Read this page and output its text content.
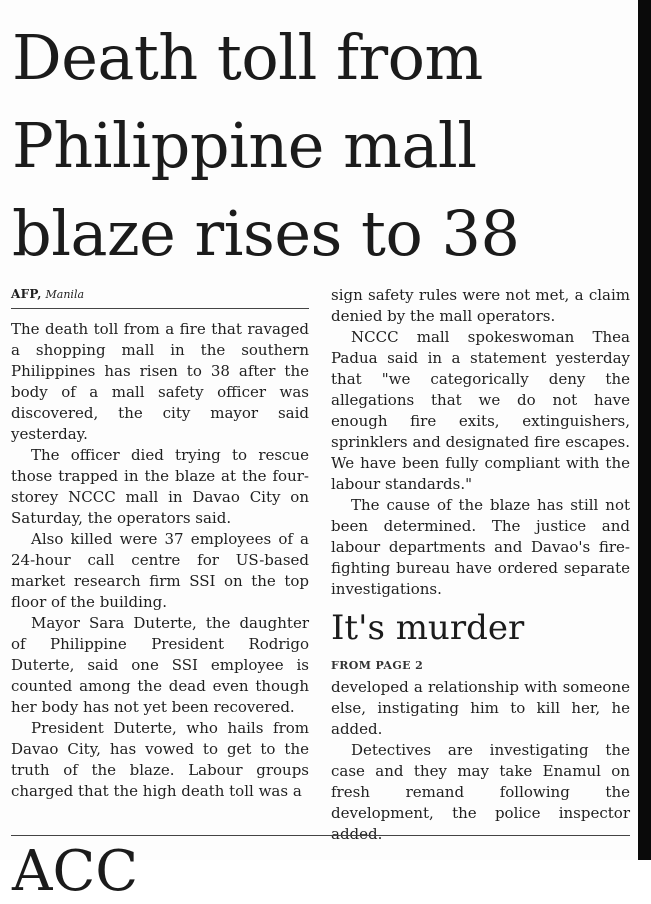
Death toll from Philippine mall blaze rises to 38
AFP, Manila

The death toll from a fire that ravaged a shopping mall in the southern Philippines has risen to 38 after the body of a mall safety officer was discovered, the city mayor said yesterday.

The officer died trying to rescue those trapped in the blaze at the four-storey NCCC mall in Davao City on Saturday, the operators said.

Also killed were 37 employees of a 24-hour call centre for US-based market research firm SSI on the top floor of the building.

Mayor Sara Duterte, the daughter of Philippine President Rodrigo Duterte, said one SSI employee is counted among the dead even though her body has not yet been recovered.

President Duterte, who hails from Davao City, has vowed to get to the truth of the blaze. Labour groups charged that the high death toll was a

sign safety rules were not met, a claim denied by the mall operators.

NCCC mall spokeswoman Thea Padua said in a statement yesterday that "we categorically deny the allegations that we do not have enough fire exits, extinguishers, sprinklers and designated fire escapes. We have been fully compliant with the labour standards."

The cause of the blaze has still not been determined. The justice and labour departments and Davao's fire-fighting bureau have ordered separate investigations.

It's murder
FROM PAGE 2

developed a relationship with someone else, instigating him to kill her, he added.

Detectives are investigating the case and they may take Enamul on fresh remand following the development, the police inspector added.

ACC
